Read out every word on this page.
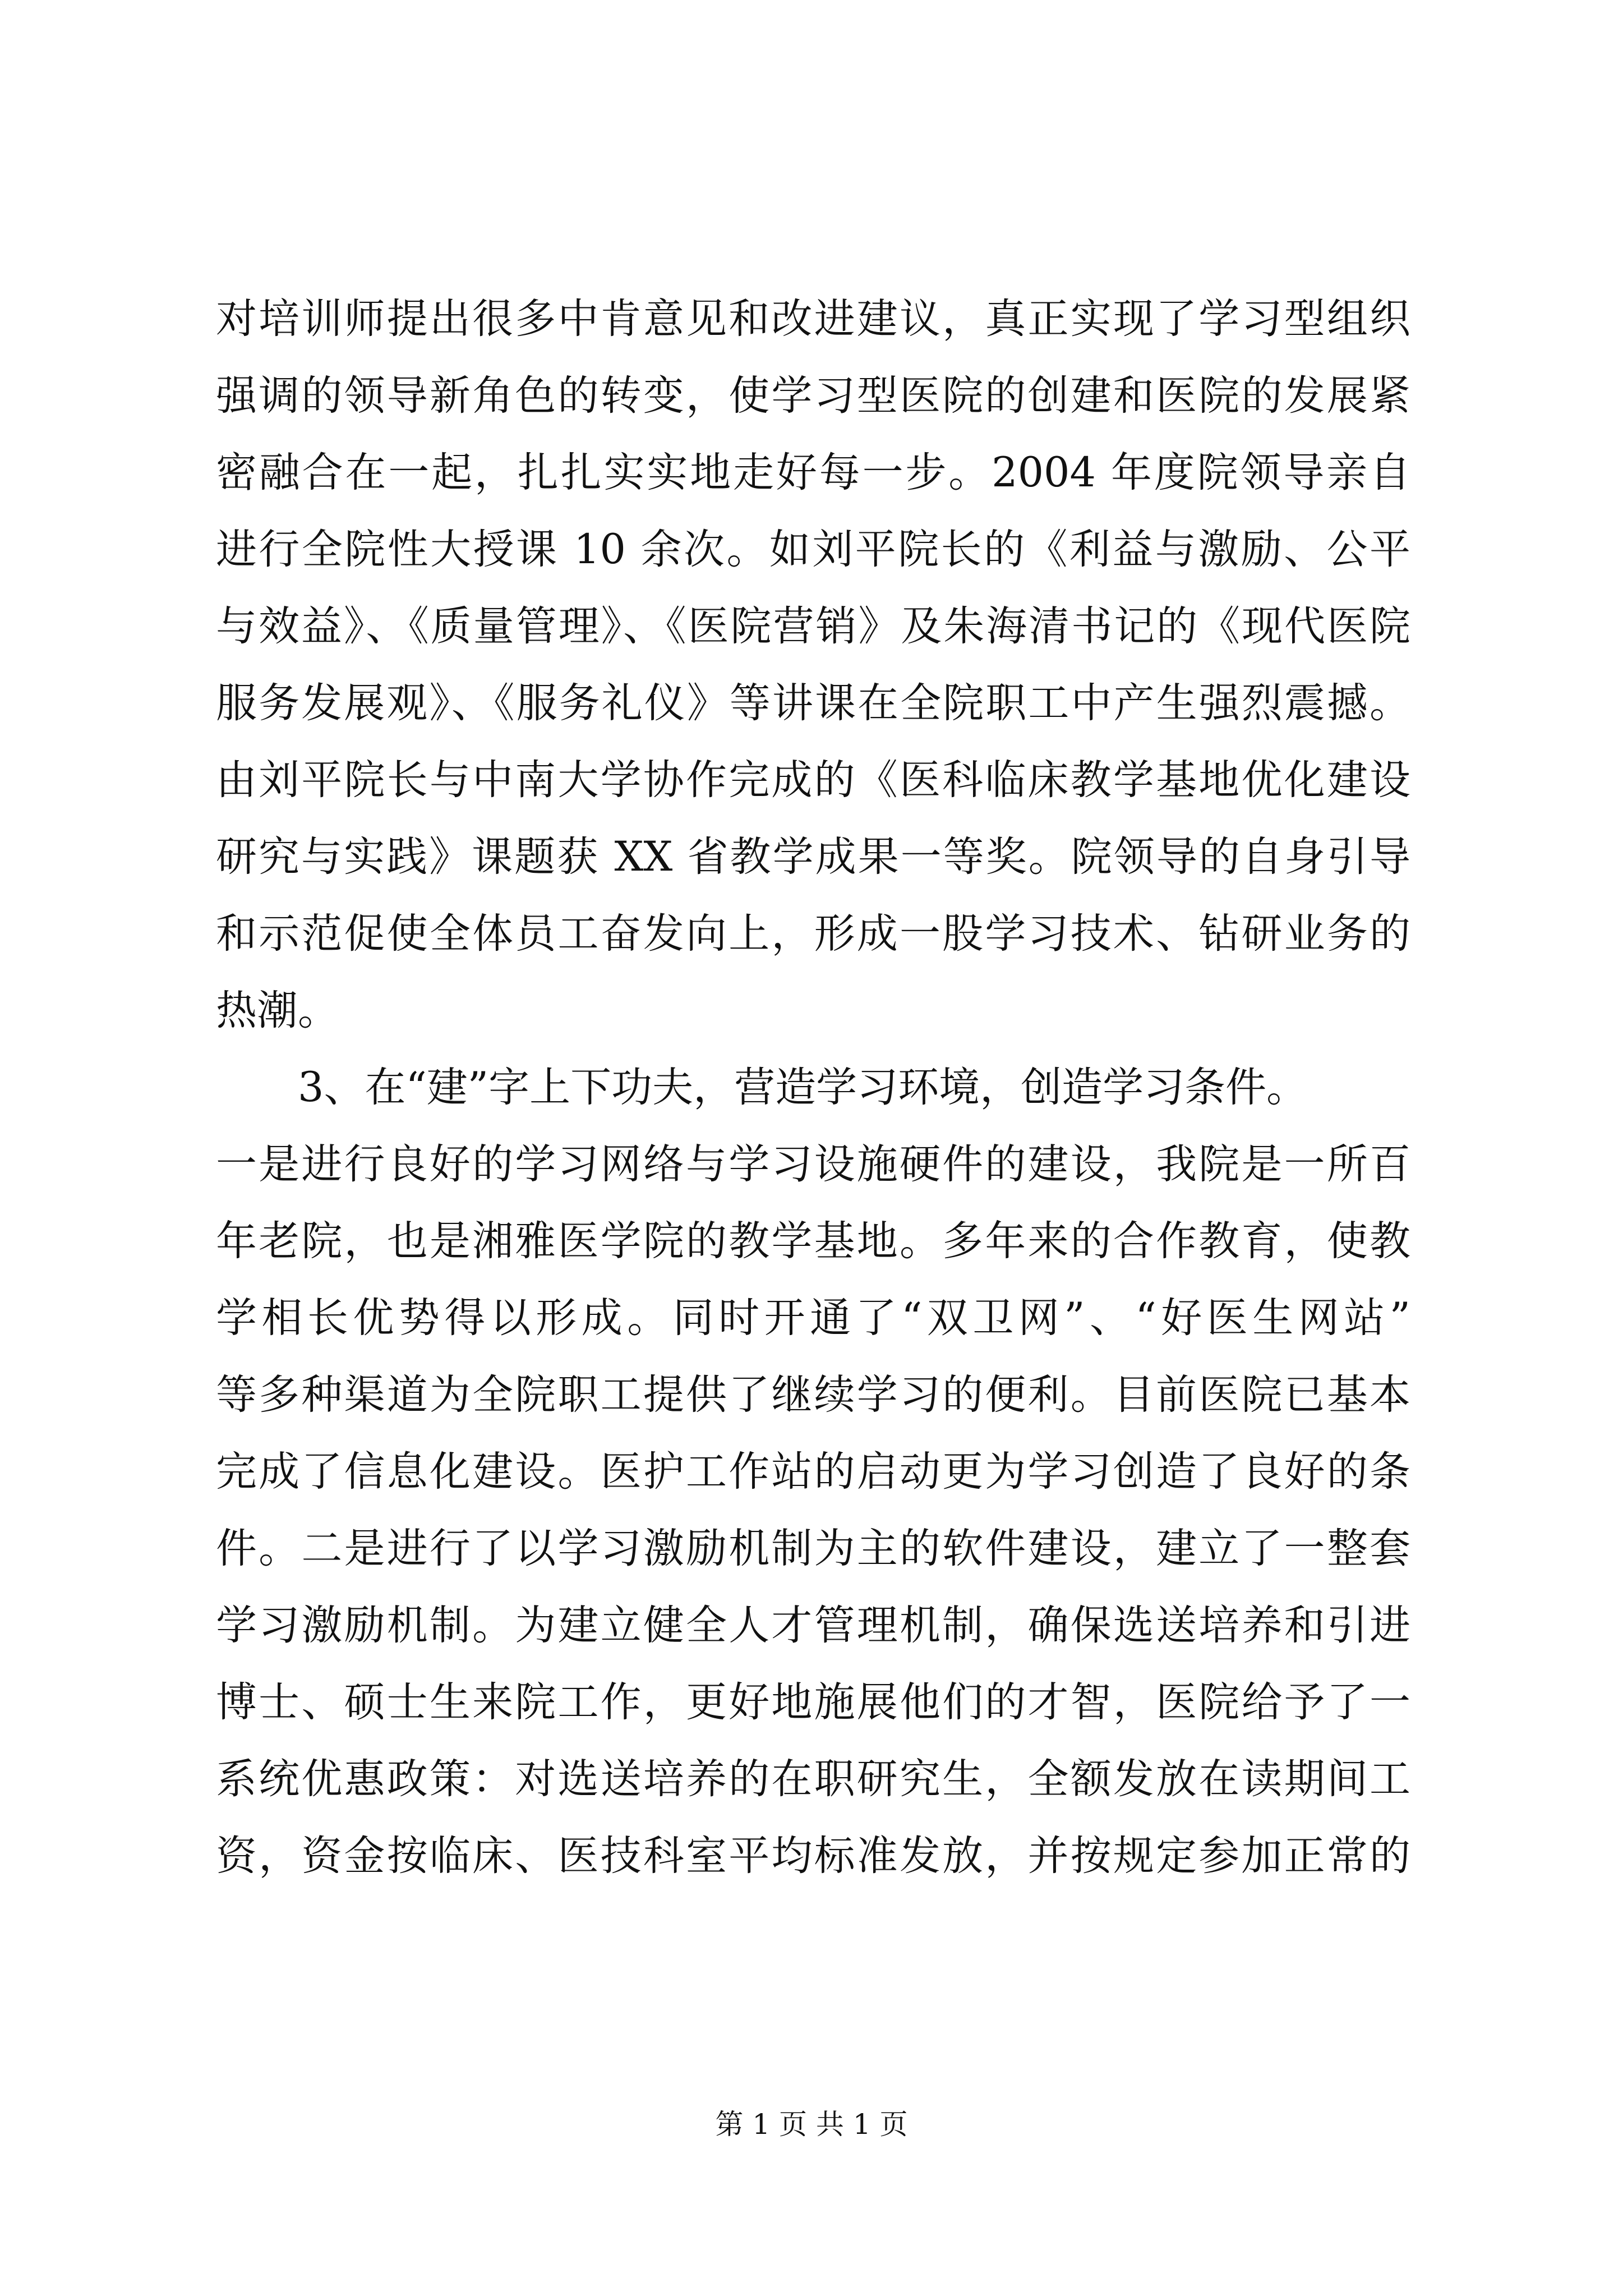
对培训师提出很多中肯意见和改进建议，真正实现了学习型组织
强调的领导新角色的转变，使学习型医院的创建和医院的发展紧
密融合在一起，扎扎实实地走好每一步。2004 年度院领导亲自
进行全院性大授课 10 余次。如刘平院长的《利益与激励、公平
与效益》、《质量管理》、《医院营销》及朱海清书记的《现代医院
服务发展观》、《服务礼仪》等讲课在全院职工中产生强烈震撼。
由刘平院长与中南大学协作完成的《医科临床教学基地优化建设
研究与实践》课题获 XX 省教学成果一等奖。院领导的自身引导
和示范促使全体员工奋发向上，形成一股学习技术、钻研业务的
热潮。
3、在“建”字上下功夫，营造学习环境，创造学习条件。
一是进行良好的学习网络与学习设施硬件的建设，我院是一所百
年老院，也是湘雅医学院的教学基地。多年来的合作教育，使教
学相长优势得以形成。同时开通了“双卫网”、“好医生网站”
等多种渠道为全院职工提供了继续学习的便利。目前医院已基本
完成了信息化建设。医护工作站的启动更为学习创造了良好的条
件。二是进行了以学习激励机制为主的软件建设，建立了一整套
学习激励机制。为建立健全人才管理机制，确保选送培养和引进
博士、硕士生来院工作，更好地施展他们的才智，医院给予了一
系统优惠政策：对选送培养的在职研究生，全额发放在读期间工
资，资金按临床、医技科室平均标准发放，并按规定参加正常的
第 1 页 共 1 页
